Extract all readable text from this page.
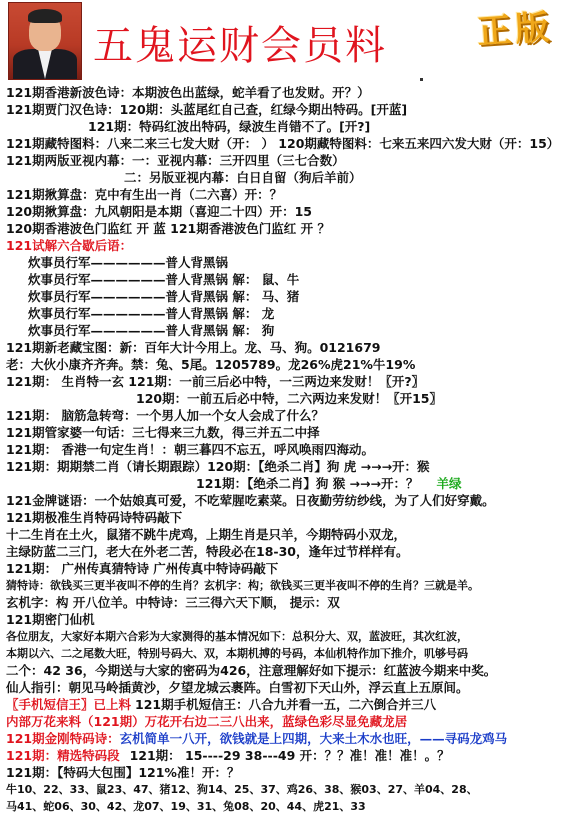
五鬼运财会员料	正版
121期香港新波色诗：本期波色出蓝绿，蛇羊看了也发财。开？）
121期贾门汉色诗：120期：头蓝尾红自己查，红绿今期出特码。[开蓝]
121期：特码红波出特码，绿波生肖错不了。[开?]
121期藏特图料：八来二来三七发大财（开： ） 120期藏特图料：七来五来四六发大财（开：15）
121期两版亚视内幕：一：亚视内幕：三开四里（三七合数）
二：另版亚视内幕：白日自留（狗后羊前）
121期揪算盘：克中有生出一肖（二六喜）开：？
120期揪算盘：九风朝阳是本期（喜迎二十四）开：15
120期香港波色门监红 开 蓝 121期香港波色门监红 开 ？
121试解六合歇后语：
炊事员行军——————普人背黑锅
炊事员行军——————普人背黑锅 解： 鼠、牛
炊事员行军——————普人背黑锅 解： 马、猪
炊事员行军——————普人背黑锅 解： 龙
炊事员行军——————普人背黑锅 解： 狗
121期新老藏宝图：新：百年大计今用上。龙、马、狗。0121679
老：大伙小康齐齐奔。禁：兔、5尾。1205789。龙26%虎21%牛19%
121期： 生肖特一玄 121期：一前三后必中特，一三两边来发财！〖开?〗
120期：一前五后必中特，二六两边来发财！〖开15〗
121期： 脑筋急转弯：一个男人加一个女人会成了什么？
121期管家婆一句话：三七得来三九数，得三并五二中择
121期： 香港一句定生肖！：朝三暮四不忘五，呼风唤雨四海动。
121期：期期禁二肖（请长期跟踪）120期：【绝杀二肖】狗 虎 →→→开：猴
121期：【绝杀二肖】狗 猴 →→→开：？ 羊绿
121金牌谜语：一个姑娘真可爱，不吃荤腥吃素菜。日夜勤劳纺纱线，为了人们好穿戴。
121期极准生肖特码诗特码敲下
十二生肖在土火，鼠猪不跳牛虎鸡，上期生肖是只羊，今期特码小双龙，
主绿防蓝二三门，老大在外老二苦，特段必在18-30，逢年过节样样有。
121期： 广州传真猜特诗 广州传真中特诗码敲下
猜特诗：欲钱买三更半夜叫不停的生肖？玄机字：构；欲钱买三更半夜叫不停的生肖？三就是羊。
玄机字：构 开八位羊。中特诗：三三得六天下顺， 提示：双
121期密门仙机
各位朋友，大家好本期六合彩为大家测得的基本情况如下：总积分大、双，蓝波旺，其次红波，
本期以六、二之尾数大旺，特别号码大、双，本期机搏的号码，本仙机特作加下推介，叽够号码
二个：42 36，今期送与大家的密码为426，注意理解好如下提示：红蓝波今期来中奖。
仙人指引：朝见马岭插黄沙，夕望龙城云裹阵。白雪初下天山外，浮云直上五原间。
〖手机短信王〗已上料 121期手机短信王：八合九并看一五，二六倒合并三八
内部万花来料（121期）万花开右边二三八出来，蓝绿色彩尽显免藏龙居
121期金刚特码诗：玄机简单一八开，欲钱就是上四期，大来土木水也旺，——寻码龙鸡马
121期：精选特码段 121期： 15----29 38---49 开：？？准！准！准！。？
121期：【特码大包围】121%准！开：？
牛10、22、33、鼠23、47、猪12、狗14、25、37、鸡26、38、猴03、27、羊04、28、
马41、蛇06、30、42、龙07、19、31、兔08、20、44、虎21、33
